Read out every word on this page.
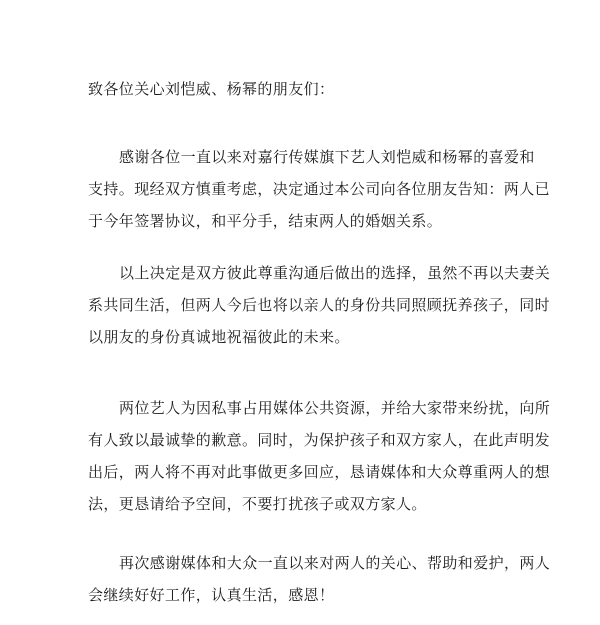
致各位关心刘恺威、杨幂的朋友们：

感谢各位一直以来对嘉行传媒旗下艺人刘恺威和杨幂的喜爱和
支持。现经双方慎重考虑，决定通过本公司向各位朋友告知：两人已
于今年签署协议，和平分手，结束两人的婚姻关系。

以上决定是双方彼此尊重沟通后做出的选择，虽然不再以夫妻关
系共同生活，但两人今后也将以亲人的身份共同照顾抚养孩子，同时
以朋友的身份真诚地祝福彼此的未来。

两位艺人为因私事占用媒体公共资源，并给大家带来纷扰，向所
有人致以最诚挚的歉意。同时，为保护孩子和双方家人，在此声明发
出后，两人将不再对此事做更多回应，恳请媒体和大众尊重两人的想
法，更恳请给予空间，不要打扰孩子或双方家人。

再次感谢媒体和大众一直以来对两人的关心、帮助和爱护，两人
会继续好好工作，认真生活，感恩！
